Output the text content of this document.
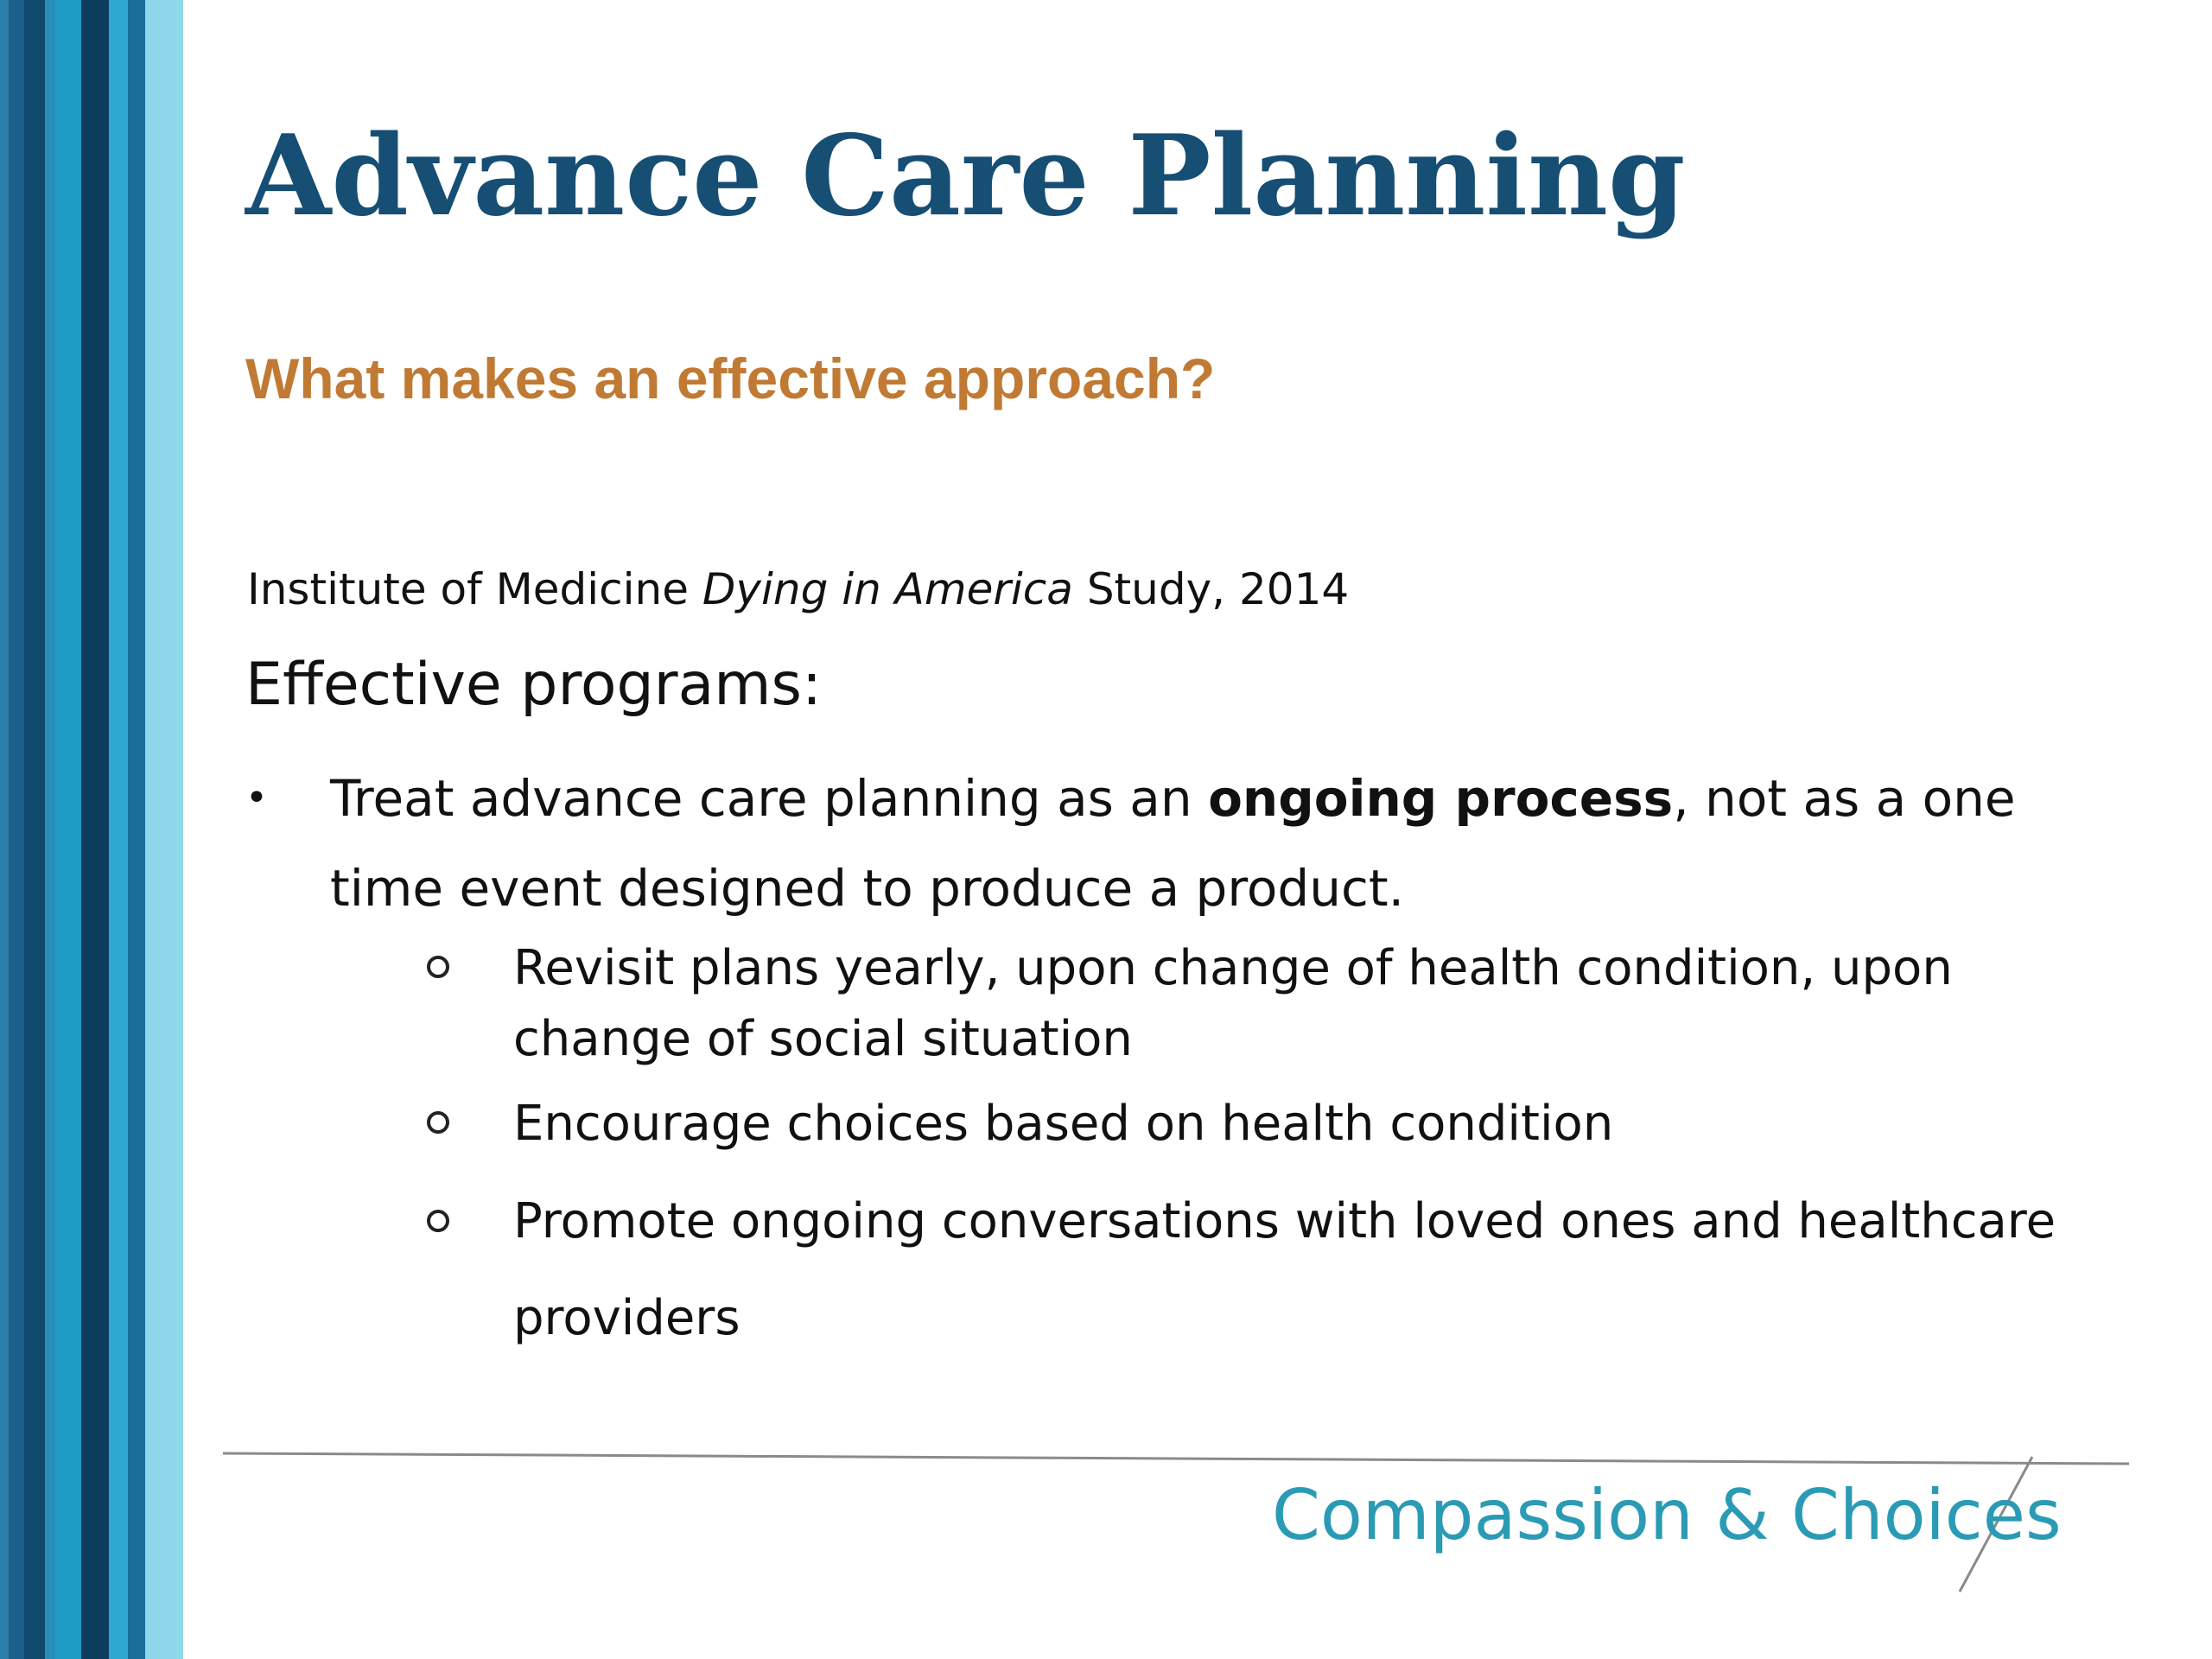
Advance Care Planning
What makes an effective approach?
Institute of Medicine Dying in America Study, 2014
Effective programs:
• Treat advance care planning as an ongoing process, not as a one time event designed to produce a product.
Revisit plans yearly, upon change of health condition, upon change of social situation
Encourage choices based on health condition
Promote ongoing conversations with loved ones and healthcare providers
Compassion & Choices
